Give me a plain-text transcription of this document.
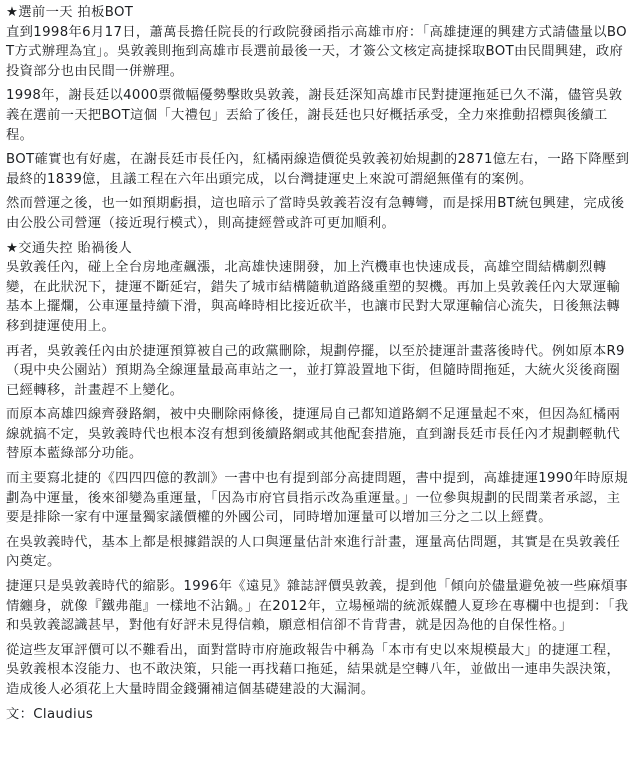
★選前一天 拍板BOT

直到1998年6月17日，蕭萬長擔任院長的行政院發函指示高雄市府：「高雄捷運的興建方式請儘量以BOT方式辦理為宜」。吳敦義則拖到高雄市長選前最後一天，才簽公文核定高捷採取BOT由民間興建，政府投資部分也由民間一併辦理。

1998年，謝長廷以4000票微幅優勢擊敗吳敦義，謝長廷深知高雄市民對捷運拖延已久不滿，儘管吳敦義在選前一天把BOT這個「大禮包」丟給了後任，謝長廷也只好概括承受，全力來推動招標與後續工程。

BOT確實也有好處，在謝長廷市長任內，紅橘兩線造價從吳敦義初始規劃的2871億左右，一路下降壓到最終的1839億，且議工程在六年出頭完成，以台灣捷運史上來說可謂絕無僅有的案例。

然而營運之後，也一如預期虧損，這也暗示了當時吳敦義若沒有急轉彎，而是採用BT統包興建，完成後由公股公司營運（接近現行模式），則高捷經營或許可更加順利。

★交通失控 貽禍後人

吳敦義任內，碰上全台房地產飆漲，北高雄快速開發，加上汽機車也快速成長，高雄空間結構劇烈轉變，在此狀況下，捷運不斷延宕，錯失了城市結構隨軌道路綫重塑的契機。再加上吳敦義任內大眾運輸基本上擺爛，公車運量持續下滑，與高峰時相比接近砍半，也讓市民對大眾運輸信心流失，日後無法轉移到捷運使用上。

再者，吳敦義任內由於捷運預算被自己的政黨刪除，規劃停擺，以至於捷運計畫落後時代。例如原本R9（現中央公園站）預期為全線運量最高車站之一，並打算設置地下街，但隨時間拖延，大統火災後商圈已經轉移，計畫趕不上變化。

而原本高雄四線齊發路網，被中央刪除兩條後，捷運局自己都知道路網不足運量起不來，但因為紅橘兩線就搞不定，吳敦義時代也根本沒有想到後續路網或其他配套措施，直到謝長廷市長任內才規劃輕軌代替原本藍綠部分功能。

而主要寫北捷的《四四四億的教訓》一書中也有提到部分高捷問題，書中提到，高雄捷運1990年時原規劃為中運量，後來卻變為重運量，「因為市府官員指示改為重運量。」一位參與規劃的民間業者承認，主要是排除一家有中運量獨家議價權的外國公司，同時增加運量可以增加三分之二以上經費。

在吳敦義時代，基本上都是根據錯誤的人口與運量估計來進行計畫，運量高估問題，其實是在吳敦義任內奠定。

捷運只是吳敦義時代的縮影。1996年《遠見》雜誌評價吳敦義，提到他「傾向於儘量避免被一些麻煩事情纏身，就像『鐵弗龍』一樣地不沾鍋。」在2012年，立場極端的統派媒體人夏珍在專欄中也提到：「我和吳敦義認識甚早，對他有好評未見得信賴，願意相信卻不肯背書，就是因為他的自保性格。」

從這些友軍評價可以不難看出，面對當時市府施政報告中稱為「本市有史以來規模最大」的捷運工程，吳敦義根本沒能力、也不敢決策，只能一再找藉口拖延，結果就是空轉八年，並做出一連串失誤決策，造成後人必須花上大量時間金錢彌補這個基礎建設的大漏洞。

文：Claudius
